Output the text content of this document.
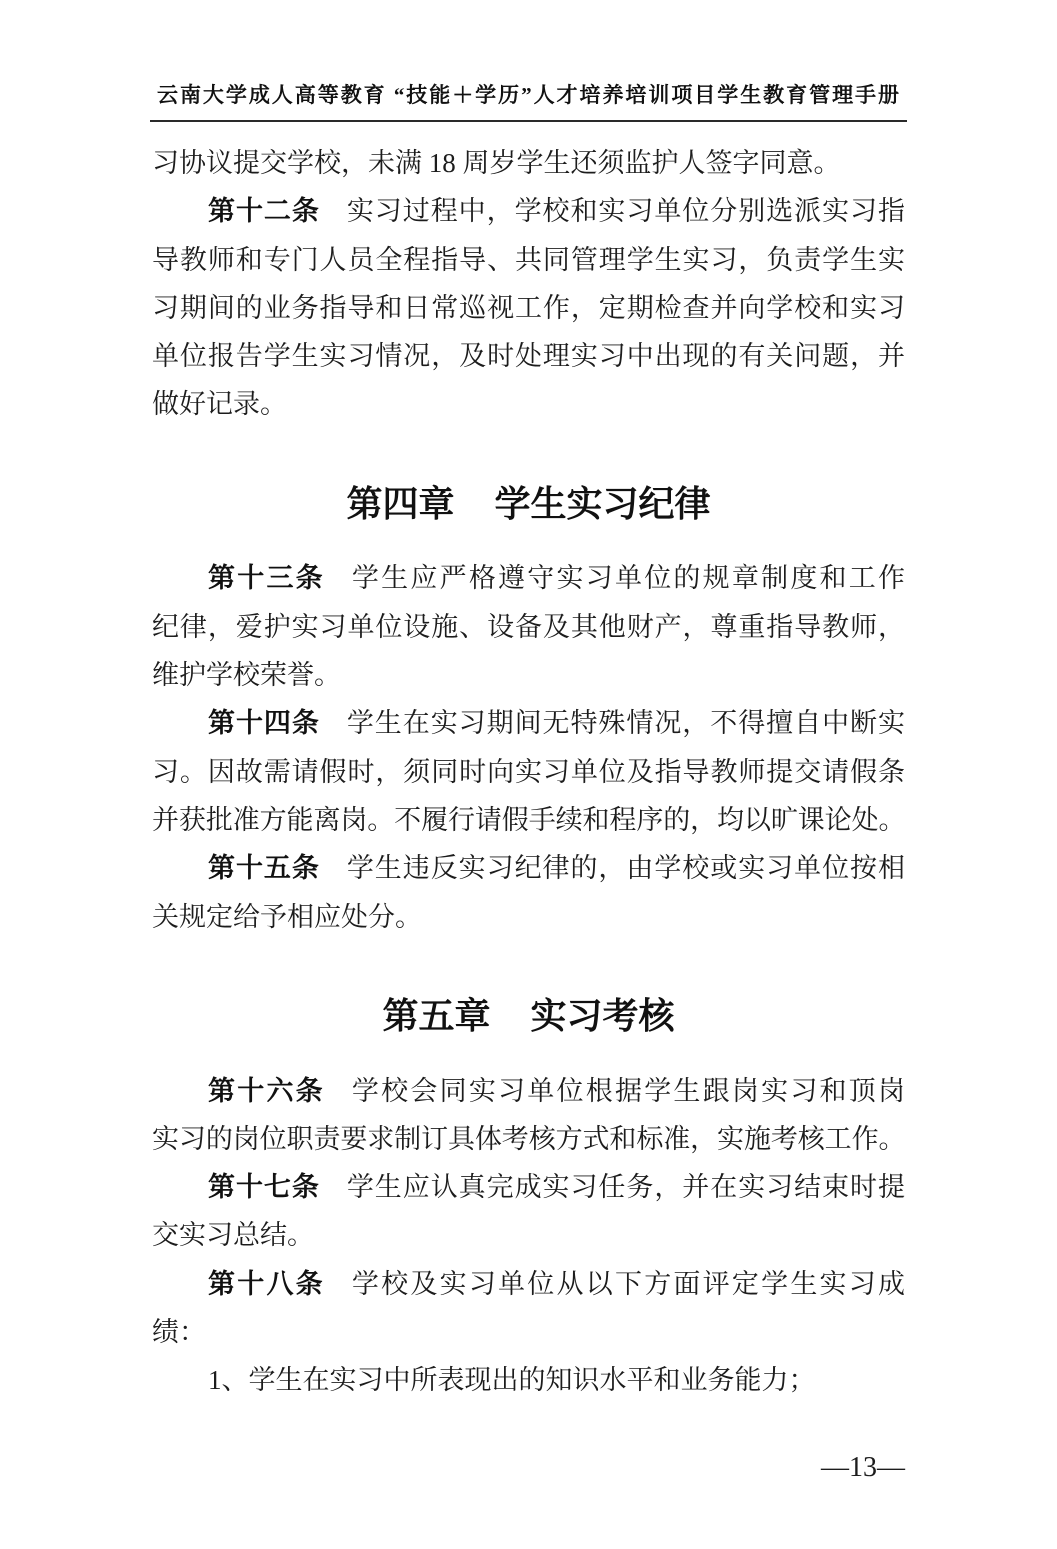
云南大学成人高等教育 “技能＋学历”人才培养培训项目学生教育管理手册
习协议提交学校，未满 18 周岁学生还须监护人签字同意。
第十二条 实习过程中，学校和实习单位分别选派实习指
导教师和专门人员全程指导、共同管理学生实习，负责学生实
习期间的业务指导和日常巡视工作，定期检查并向学校和实习
单位报告学生实习情况，及时处理实习中出现的有关问题，并
做好记录。
第四章 学生实习纪律
第十三条 学生应严格遵守实习单位的规章制度和工作
纪律，爱护实习单位设施、设备及其他财产，尊重指导教师，
维护学校荣誉。
第十四条 学生在实习期间无特殊情况，不得擅自中断实
习。因故需请假时，须同时向实习单位及指导教师提交请假条
并获批准方能离岗。不履行请假手续和程序的，均以旷课论处。
第十五条 学生违反实习纪律的，由学校或实习单位按相
关规定给予相应处分。
第五章 实习考核
第十六条 学校会同实习单位根据学生跟岗实习和顶岗
实习的岗位职责要求制订具体考核方式和标准，实施考核工作。
第十七条 学生应认真完成实习任务，并在实习结束时提
交实习总结。
第十八条 学校及实习单位从以下方面评定学生实习成
绩：
1、学生在实习中所表现出的知识水平和业务能力；
—13—
